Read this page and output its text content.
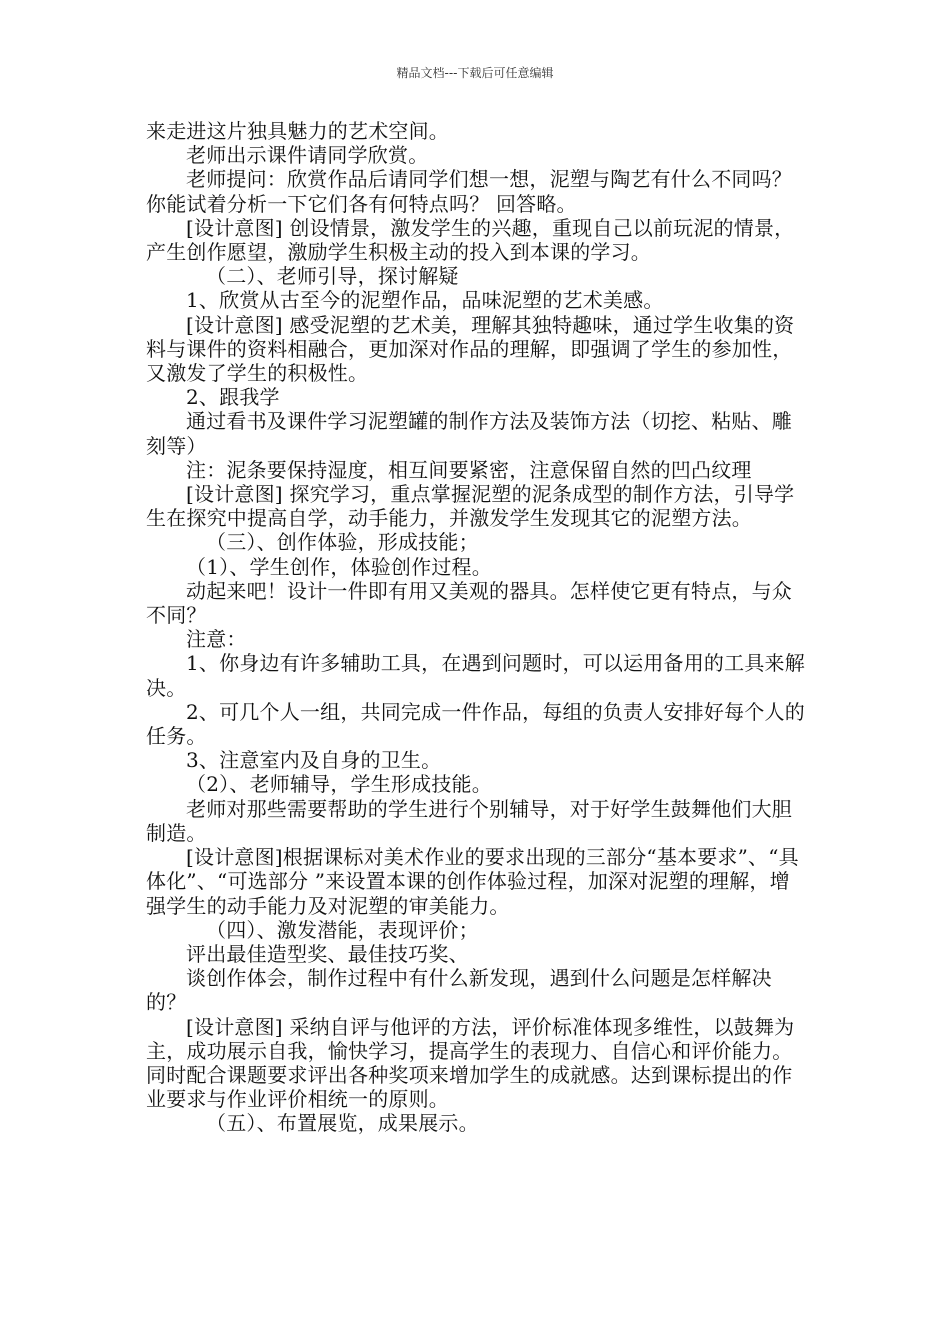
精品文档---下载后可任意编辑

来走进这片独具魅力的艺术空间。

老师出示课件请同学欣赏。

老师提问：欣赏作品后请同学们想一想，泥塑与陶艺有什么不同吗？ 你能试着分析一下它们各有何特点吗？ 回答略。

[设计意图] 创设情景，激发学生的兴趣，重现自己以前玩泥的情景，产生创作愿望，激励学生积极主动的投入到本课的学习。

（二）、老师引导，探讨解疑

1、欣赏从古至今的泥塑作品，品味泥塑的艺术美感。

[设计意图] 感受泥塑的艺术美，理解其独特趣味，通过学生收集的资料与课件的资料相融合，更加深对作品的理解，即强调了学生的参加性，又激发了学生的积极性。

2、跟我学

通过看书及课件学习泥塑罐的制作方法及装饰方法（切挖、粘贴、雕刻等）

注：泥条要保持湿度，相互间要紧密，注意保留自然的凹凸纹理

[设计意图] 探究学习，重点掌握泥塑的泥条成型的制作方法，引导学生在探究中提高自学，动手能力，并激发学生发现其它的泥塑方法。

（三）、创作体验，形成技能；

（1）、学生创作，体验创作过程。

动起来吧！设计一件即有用又美观的器具。怎样使它更有特点，与众不同？

注意：

1、你身边有许多辅助工具，在遇到问题时，可以运用备用的工具来解决。

2、可几个人一组，共同完成一件作品，每组的负责人安排好每个人的任务。

3、注意室内及自身的卫生。

（2）、老师辅导，学生形成技能。

老师对那些需要帮助的学生进行个别辅导，对于好学生鼓舞他们大胆制造。

[设计意图]根据课标对美术作业的要求出现的三部分“基本要求”、“具体化”、“可选部分 ”来设置本课的创作体验过程，加深对泥塑的理解，增强学生的动手能力及对泥塑的审美能力。

（四）、激发潜能，表现评价；

评出最佳造型奖、最佳技巧奖、

谈创作体会，制作过程中有什么新发现，遇到什么问题是怎样解决的？

[设计意图] 采纳自评与他评的方法，评价标准体现多维性，以鼓舞为主，成功展示自我，愉快学习，提高学生的表现力、自信心和评价能力。同时配合课题要求评出各种奖项来增加学生的成就感。达到课标提出的作业要求与作业评价相统一的原则。

（五）、布置展览，成果展示。
